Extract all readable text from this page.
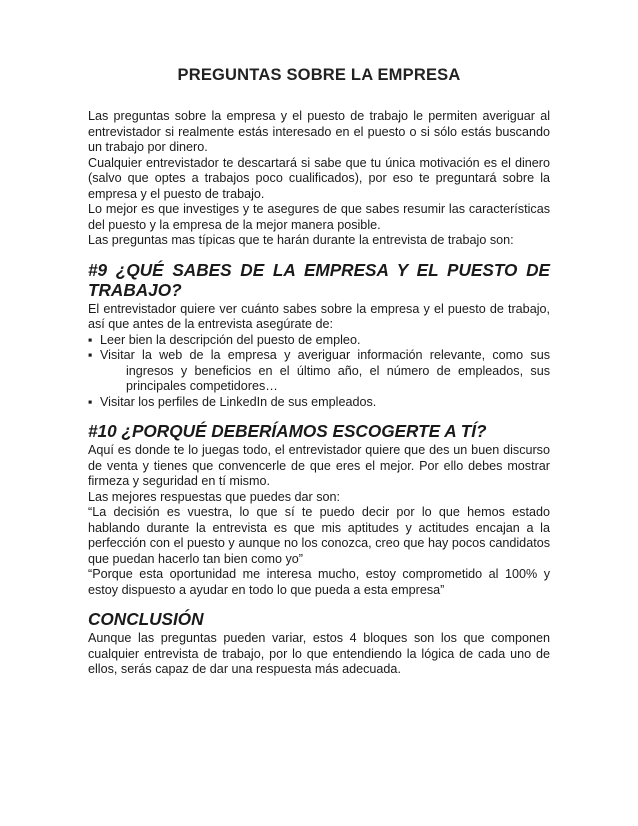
PREGUNTAS SOBRE LA EMPRESA

Las preguntas sobre la empresa y el puesto de trabajo le permiten averiguar al entrevistador si realmente estás interesado en el puesto o si sólo estás buscando un trabajo por dinero.

Cualquier entrevistador te descartará si sabe que tu única motivación es el dinero (salvo que optes a trabajos poco cualificados), por eso te preguntará sobre la empresa y el puesto de trabajo.

Lo mejor es que investiges y te asegures de que sabes resumir las características del puesto y la empresa de la mejor manera posible.

Las preguntas mas típicas que te harán durante la entrevista de trabajo son:

#9 ¿QUÉ SABES DE LA EMPRESA Y EL PUESTO DE TRABAJO?

El entrevistador quiere ver cuánto sabes sobre la empresa y el puesto de trabajo, así que antes de la entrevista asegúrate de:

▪ Leer bien la descripción del puesto de empleo.
▪ Visitar la web de la empresa y averiguar información relevante, como sus ingresos y beneficios en el último año, el número de empleados, sus principales competidores…
▪ Visitar los perfiles de LinkedIn de sus empleados.
#10 ¿PORQUÉ DEBERÍAMOS ESCOGERTE A TÍ?

Aquí es donde te lo juegas todo, el entrevistador quiere que des un buen discurso de venta y tienes que convencerle de que eres el mejor. Por ello debes mostrar firmeza y seguridad en tí mismo.

Las mejores respuestas que puedes dar son:

“La decisión es vuestra, lo que sí te puedo decir por lo que hemos estado hablando durante la entrevista es que mis aptitudes y actitudes encajan a la perfección con el puesto y aunque no los conozca, creo que hay pocos candidatos que puedan hacerlo tan bien como yo”

“Porque esta oportunidad me interesa mucho, estoy comprometido al 100% y estoy dispuesto a ayudar en todo lo que pueda a esta empresa”

CONCLUSIÓN

Aunque las preguntas pueden variar, estos 4 bloques son los que componen cualquier entrevista de trabajo, por lo que entendiendo la lógica de cada uno de ellos, serás capaz de dar una respuesta más adecuada.
